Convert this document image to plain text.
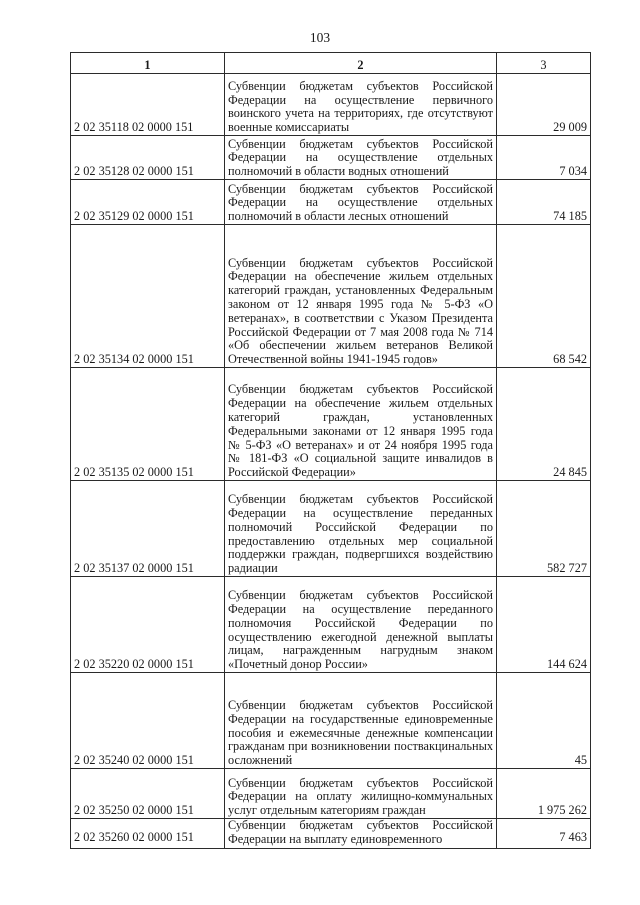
103
1	2	3
2 02 35118 02 0000 151	Субвенции бюджетам субъектов Российской Федерации на осуществление первичного воинского учета на территориях, где отсутствуют военные комиссариаты	29 009
2 02 35128 02 0000 151	Субвенции бюджетам субъектов Российской Федерации на осуществление отдельных полномочий в области водных отношений	7 034
2 02 35129 02 0000 151	Субвенции бюджетам субъектов Российской Федерации на осуществление отдельных полномочий в области лесных отношений	74 185
2 02 35134 02 0000 151	Субвенции бюджетам субъектов Российской Федерации на обеспечение жильем отдельных категорий граждан, установленных Федеральным законом от 12 января 1995 года № 5-ФЗ «О ветеранах», в соответствии с Указом Президента Российской Федерации от 7 мая 2008 года № 714 «Об обеспечении жильем ветеранов Великой Отечественной войны 1941-1945 годов»	68 542
2 02 35135 02 0000 151	Субвенции бюджетам субъектов Российской Федерации на обеспечение жильем отдельных категорий граждан, установленных Федеральными законами от 12 января 1995 года № 5-ФЗ «О ветеранах» и от 24 ноября 1995 года № 181-ФЗ «О социальной защите инвалидов в Российской Федерации»	24 845
2 02 35137 02 0000 151	Субвенции бюджетам субъектов Российской Федерации на осуществление переданных полномочий Российской Федерации по предоставлению отдельных мер социальной поддержки граждан, подвергшихся воздействию радиации	582 727
2 02 35220 02 0000 151	Субвенции бюджетам субъектов Российской Федерации на осуществление переданного полномочия Российской Федерации по осуществлению ежегодной денежной выплаты лицам, награжденным нагрудным знаком «Почетный донор России»	144 624
2 02 35240 02 0000 151	Субвенции бюджетам субъектов Российской Федерации на государственные единовременные пособия и ежемесячные денежные компенсации гражданам при возникновении поствакцинальных осложнений	45
2 02 35250 02 0000 151	Субвенции бюджетам субъектов Российской Федерации на оплату жилищно-коммунальных услуг отдельным категориям граждан	1 975 262
2 02 35260 02 0000 151	Субвенции бюджетам субъектов Российской Федерации на выплату единовременного	7 463
